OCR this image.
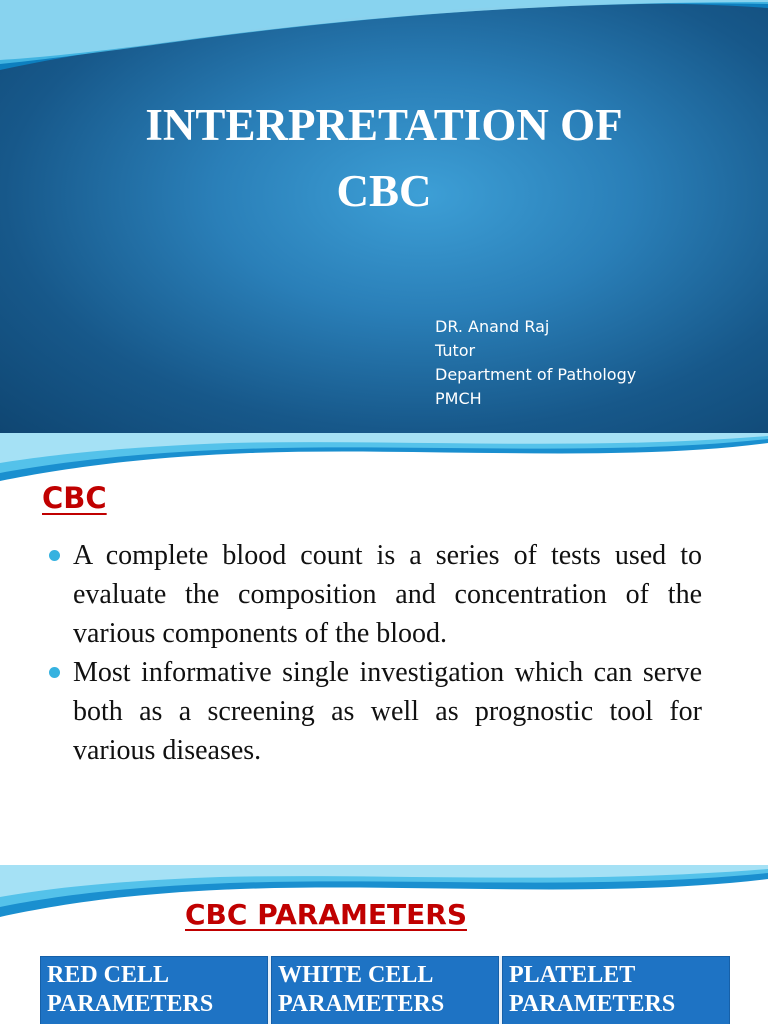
INTERPRETATION OF
CBC
DR. Anand Raj
Tutor
Department of Pathology
PMCH
CBC
A complete blood count is a series of tests used to evaluate the composition and concentration of the various components of the blood.
Most informative single investigation which can serve both as a screening as well as prognostic tool for various diseases.
CBC PARAMETERS
RED CELL PARAMETERS
WHITE CELL PARAMETERS
PLATELET PARAMETERS
